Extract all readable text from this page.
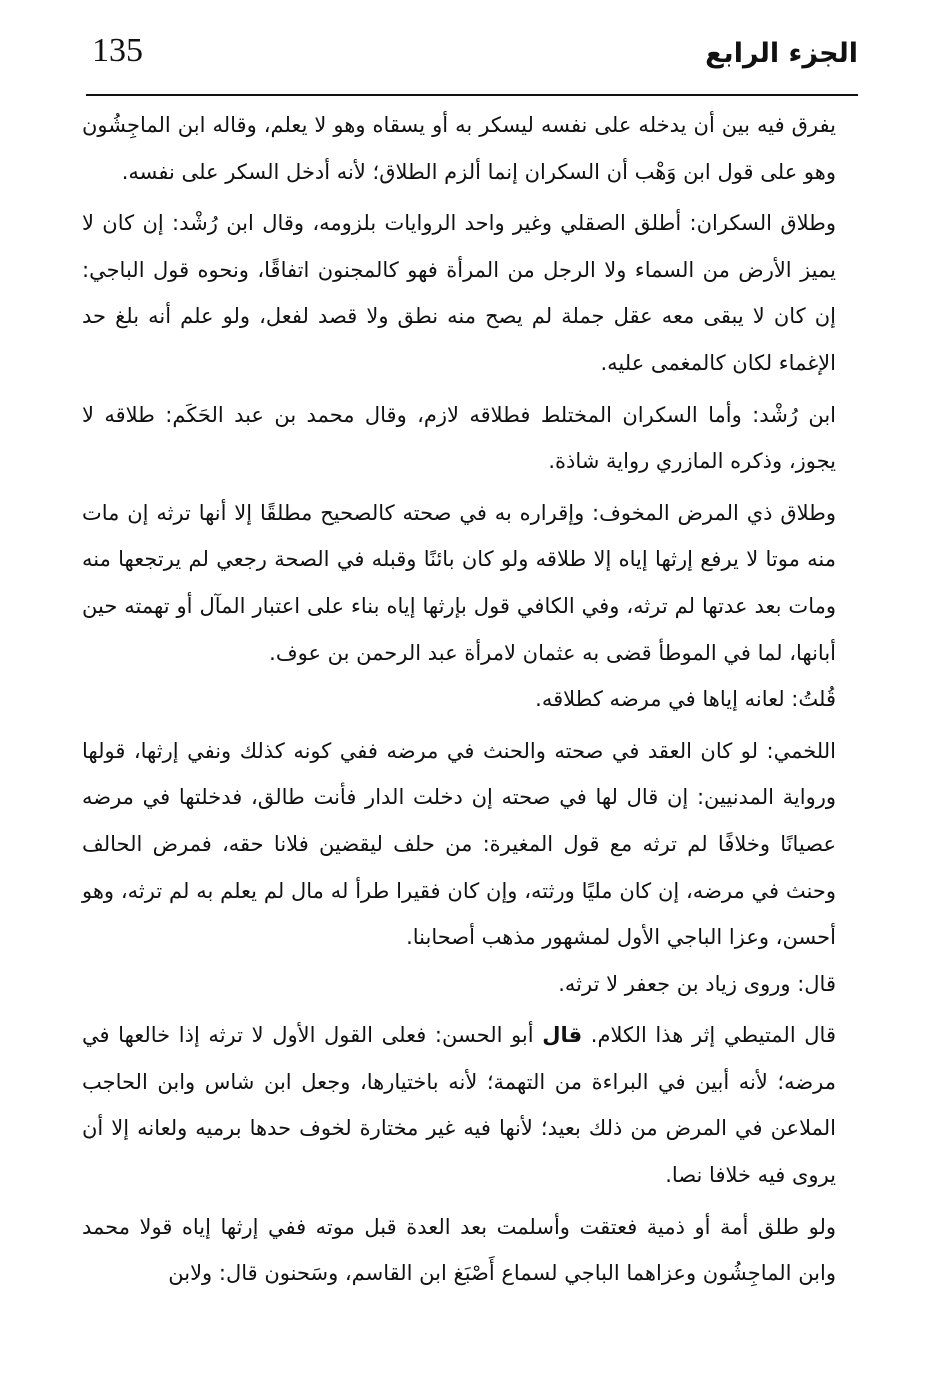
135	الجزء الرابع

يفرق فيه بين أن يدخله على نفسه ليسكر به أو يسقاه وهو لا يعلم، وقاله ابن الماجِشُون وهو على قول ابن وَهْب أن السكران إنما ألزم الطلاق؛ لأنه أدخل السكر على نفسه.

وطلاق السكران: أطلق الصقلي وغير واحد الروايات بلزومه، وقال ابن رُشْد: إن كان لا يميز الأرض من السماء ولا الرجل من المرأة فهو كالمجنون اتفاقًا، ونحوه قول الباجي: إن كان لا يبقى معه عقل جملة لم يصح منه نطق ولا قصد لفعل، ولو علم أنه بلغ حد الإغماء لكان كالمغمى عليه.

ابن رُشْد: وأما السكران المختلط فطلاقه لازم، وقال محمد بن عبد الحَكَم: طلاقه لا يجوز، وذكره المازري رواية شاذة.

وطلاق ذي المرض المخوف: وإقراره به في صحته كالصحيح مطلقًا إلا أنها ترثه إن مات منه موتا لا يرفع إرثها إياه إلا طلاقه ولو كان بائنًا وقبله في الصحة رجعي لم يرتجعها منه ومات بعد عدتها لم ترثه، وفي الكافي قول بإرثها إياه بناء على اعتبار المآل أو تهمته حين أبانها، لما في الموطأ قضى به عثمان لامرأة عبد الرحمن بن عوف.

قُلتُ: لعانه إياها في مرضه كطلاقه.

اللخمي: لو كان العقد في صحته والحنث في مرضه ففي كونه كذلك ونفي إرثها، قولها ورواية المدنيين: إن قال لها في صحته إن دخلت الدار فأنت طالق، فدخلتها في مرضه عصيانًا وخلافًا لم ترثه مع قول المغيرة: من حلف ليقضين فلانا حقه، فمرض الحالف وحنث في مرضه، إن كان مليًا ورثته، وإن كان فقيرا طرأ له مال لم يعلم به لم ترثه، وهو أحسن، وعزا الباجي الأول لمشهور مذهب أصحابنا.

قال: وروى زياد بن جعفر لا ترثه.

قال المتيطي إثر هذا الكلام. قال أبو الحسن: فعلى القول الأول لا ترثه إذا خالعها في مرضه؛ لأنه أبين في البراءة من التهمة؛ لأنه باختيارها، وجعل ابن شاس وابن الحاجب الملاعن في المرض من ذلك بعيد؛ لأنها فيه غير مختارة لخوف حدها برميه ولعانه إلا أن يروى فيه خلافا نصا.

ولو طلق أمة أو ذمية فعتقت وأسلمت بعد العدة قبل موته ففي إرثها إياه قولا محمد وابن الماجِشُون وعزاهما الباجي لسماع أَصْبَغ ابن القاسم، وسَحنون قال: ولابن
